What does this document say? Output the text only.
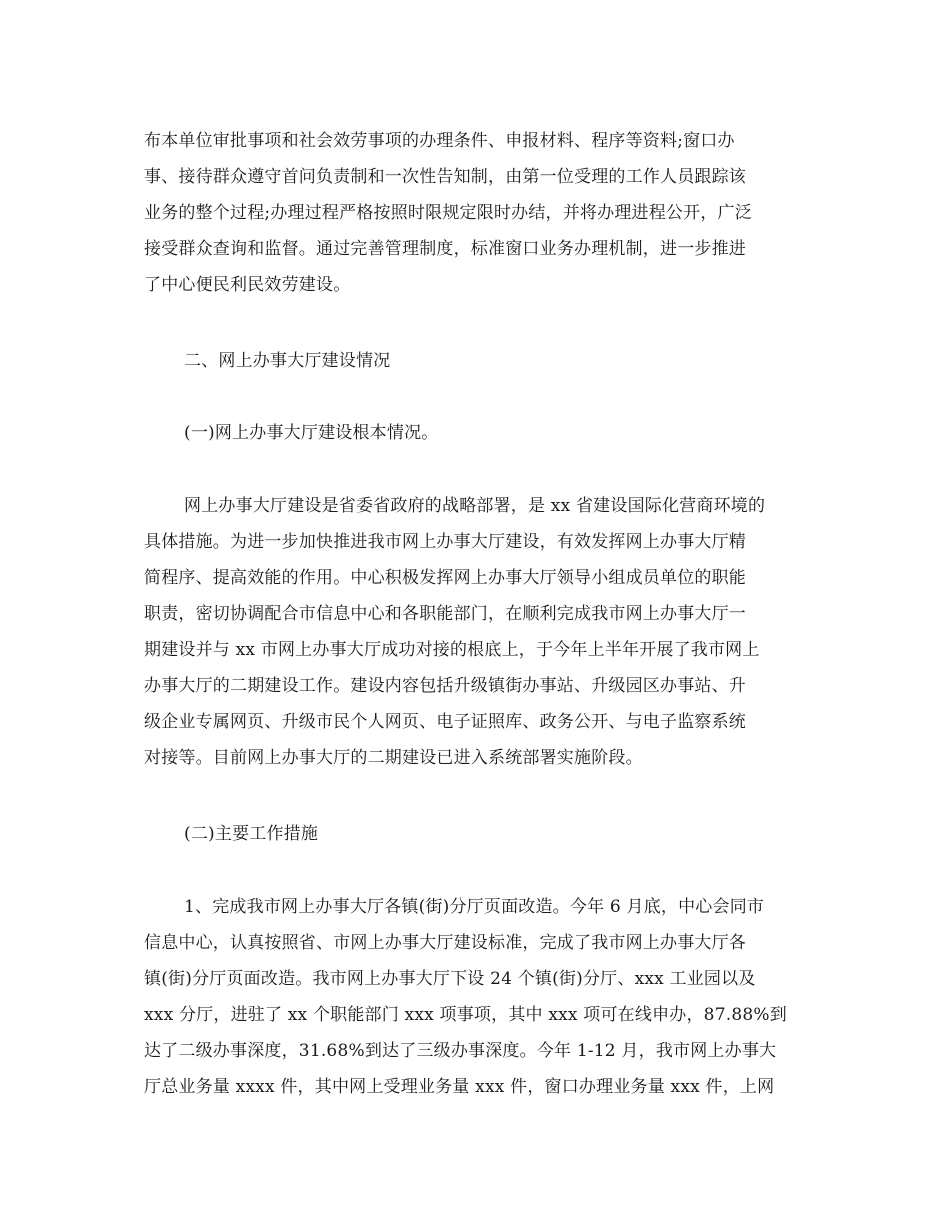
布本单位审批事项和社会效劳事项的办理条件、申报材料、程序等资料;窗口办
事、接待群众遵守首问负责制和一次性告知制，由第一位受理的工作人员跟踪该
业务的整个过程;办理过程严格按照时限规定限时办结，并将办理进程公开，广泛
接受群众查询和监督。通过完善管理制度，标准窗口业务办理机制，进一步推进
了中心便民利民效劳建设。
二、网上办事大厅建设情况
(一)网上办事大厅建设根本情况。
网上办事大厅建设是省委省政府的战略部署，是 xx 省建设国际化营商环境的
具体措施。为进一步加快推进我市网上办事大厅建设，有效发挥网上办事大厅精
简程序、提高效能的作用。中心积极发挥网上办事大厅领导小组成员单位的职能
职责，密切协调配合市信息中心和各职能部门，在顺利完成我市网上办事大厅一
期建设并与 xx 市网上办事大厅成功对接的根底上，于今年上半年开展了我市网上
办事大厅的二期建设工作。建设内容包括升级镇街办事站、升级园区办事站、升
级企业专属网页、升级市民个人网页、电子证照库、政务公开、与电子监察系统
对接等。目前网上办事大厅的二期建设已进入系统部署实施阶段。
(二)主要工作措施
1、完成我市网上办事大厅各镇(街)分厅页面改造。今年 6 月底，中心会同市
信息中心，认真按照省、市网上办事大厅建设标准，完成了我市网上办事大厅各
镇(街)分厅页面改造。我市网上办事大厅下设 24 个镇(街)分厅、xxx 工业园以及
xxx 分厅，进驻了 xx 个职能部门 xxx 项事项，其中 xxx 项可在线申办，87.88%到
达了二级办事深度，31.68%到达了三级办事深度。今年 1-12 月，我市网上办事大
厅总业务量 xxxx 件，其中网上受理业务量 xxx 件，窗口办理业务量 xxx 件，上网
